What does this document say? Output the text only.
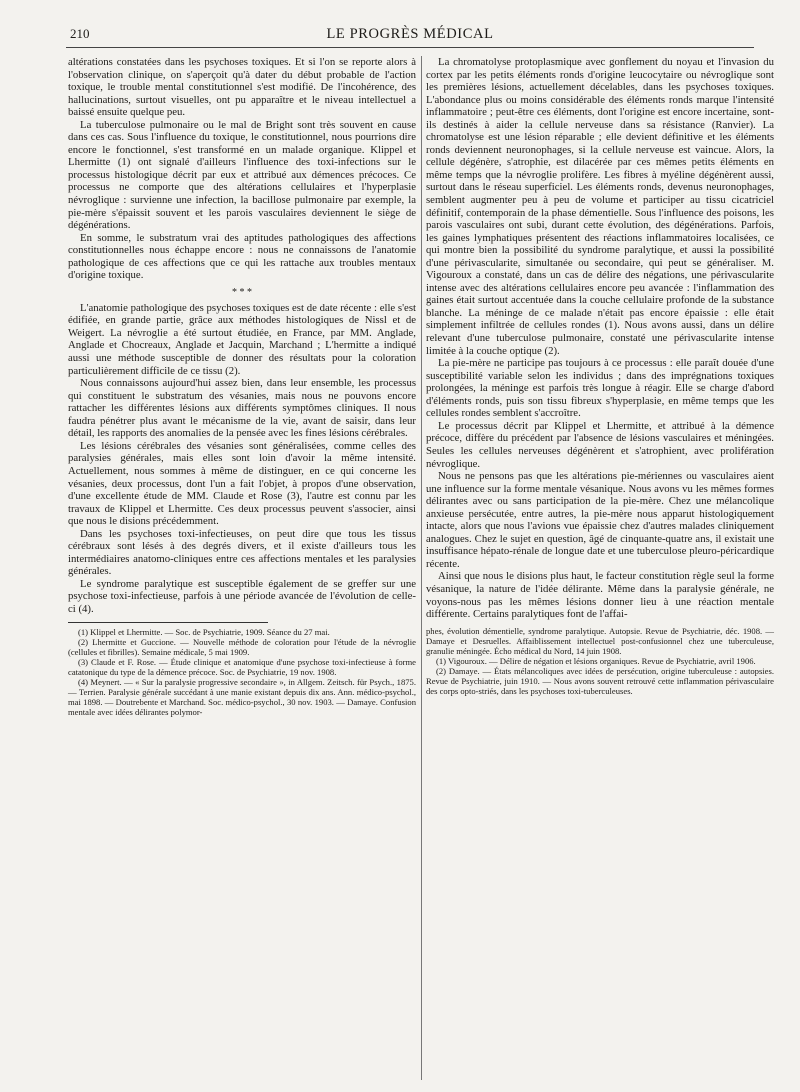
210	LE PROGRÈS MÉDICAL

altérations constatées dans les psychoses toxiques. Et si l'on se reporte alors à l'observation clinique, on s'aperçoit qu'à dater du début probable de l'action toxique, le trouble mental constitutionnel s'est modifié. De l'incohérence, des hallucinations, surtout visuelles, ont pu apparaître et le niveau intellectuel a baissé ensuite quelque peu.

La tuberculose pulmonaire ou le mal de Bright sont très souvent en cause dans ces cas. Sous l'influence du toxique, le constitutionnel, nous pourrions dire encore le fonctionnel, s'est transformé en un malade organique. Klippel et Lhermitte (1) ont signalé d'ailleurs l'influence des toxi-infections sur le processus histologique décrit par eux et attribué aux démences précoces. Ce processus ne comporte que des altérations cellulaires et l'hyperplasie névroglique : survienne une infection, la bacillose pulmonaire par exemple, la pie-mère s'épaissit souvent et les parois vasculaires deviennent le siège de dégénérations.

En somme, le substratum vrai des aptitudes pathologiques des affections constitutionnelles nous échappe encore : nous ne connaissons de l'anatomie pathologique de ces affections que ce qui les rattache aux troubles mentaux d'origine toxique.

* * *

L'anatomie pathologique des psychoses toxiques est de date récente : elle s'est édifiée, en grande partie, grâce aux méthodes histologiques de Nissl et de Weigert. La névroglie a été surtout étudiée, en France, par MM. Anglade, Anglade et Chocreaux, Anglade et Jacquin, Marchand ; L'hermitte a indiqué aussi une méthode susceptible de donner des résultats pour la coloration particulièrement difficile de ce tissu (2).

Nous connaissons aujourd'hui assez bien, dans leur ensemble, les processus qui constituent le substratum des vésanies, mais nous ne pouvons encore rattacher les différentes lésions aux différents symptômes cliniques. Il nous faudra pénétrer plus avant le mécanisme de la vie, avant de saisir, dans leur détail, les rapports des anomalies de la pensée avec les fines lésions cérébrales.

Les lésions cérébrales des vésanies sont généralisées, comme celles des paralysies générales, mais elles sont loin d'avoir la même intensité. Actuellement, nous sommes à même de distinguer, en ce qui concerne les vésanies, deux processus, dont l'un a fait l'objet, à propos d'une observation, d'une excellente étude de MM. Claude et Rose (3), l'autre est connu par les travaux de Klippel et Lhermitte. Ces deux processus peuvent s'associer, ainsi que nous le disions précédemment.

Dans les psychoses toxi-infectieuses, on peut dire que tous les tissus cérébraux sont lésés à des degrés divers, et il existe d'ailleurs tous les intermédiaires anatomo-cliniques entre ces affections mentales et les paralysies générales.

Le syndrome paralytique est susceptible également de se greffer sur une psychose toxi-infectieuse, parfois à une période avancée de l'évolution de celle-ci (4).

(1) Klippel et Lhermitte. — Soc. de Psychiatrie, 1909. Séance du 27 mai.

(2) Lhermitte et Guccione. — Nouvelle méthode de coloration pour l'étude de la névroglie (cellules et fibrilles). Semaine médicale, 5 mai 1909.

(3) Claude et F. Rose. — Étude clinique et anatomique d'une psychose toxi-infectieuse à forme catatonique du type de la démence précoce. Soc. de Psychiatrie, 19 nov. 1908.

(4) Meynert. — « Sur la paralysie progressive secondaire », in Allgem. Zeitsch. für Psych., 1875. — Terrien. Paralysie générale succédant à une manie existant depuis dix ans. Ann. médico-psychol., mai 1898. — Doutrebente et Marchand. Soc. médico-psychol., 30 nov. 1903. — Damaye. Confusion mentale avec idées délirantes polymor-

La chromatolyse protoplasmique avec gonflement du noyau et l'invasion du cortex par les petits éléments ronds d'origine leucocytaire ou névroglique sont les premières lésions, actuellement décelables, dans les psychoses toxiques. L'abondance plus ou moins considérable des éléments ronds marque l'intensité inflammatoire ; peut-être ces éléments, dont l'origine est encore incertaine, sont-ils destinés à aider la cellule nerveuse dans sa résistance (Ranvier). La chromatolyse est une lésion réparable ; elle devient définitive et les éléments ronds deviennent neuronophages, si la cellule nerveuse est vaincue. Alors, la cellule dégénère, s'atrophie, est dilacérée par ces mêmes petits éléments en même temps que la névroglie prolifère. Les fibres à myéline dégénèrent aussi, surtout dans le réseau superficiel. Les éléments ronds, devenus neuronophages, semblent augmenter peu à peu de volume et participer au tissu cicatriciel définitif, contemporain de la phase démentielle. Sous l'influence des poisons, les parois vasculaires ont subi, durant cette évolution, des dégénérations. Parfois, les gaines lymphatiques présentent des réactions inflammatoires localisées, ce qui montre bien la possibilité du syndrome paralytique, et aussi la possibilité d'une périvascularite, simultanée ou secondaire, qui peut se généraliser. M. Vigouroux a constaté, dans un cas de délire des négations, une périvascularite intense avec des altérations cellulaires encore peu avancée : l'inflammation des gaines était surtout accentuée dans la couche cellulaire profonde de la substance blanche. La méninge de ce malade n'était pas encore épaissie : elle était simplement infiltrée de cellules rondes (1). Nous avons aussi, dans un délire relevant d'une tuberculose pulmonaire, constaté une périvascularite intense limitée à la couche optique (2).

La pie-mère ne participe pas toujours à ce processus : elle paraît douée d'une susceptibilité variable selon les individus ; dans des imprégnations toxiques prolongées, la méninge est parfois très longue à réagir. Elle se charge d'abord d'éléments ronds, puis son tissu fibreux s'hyperplasie, en même temps que les cellules rondes semblent s'accroître.

Le processus décrit par Klippel et Lhermitte, et attribué à la démence précoce, diffère du précédent par l'absence de lésions vasculaires et méningées. Seules les cellules nerveuses dégénèrent et s'atrophient, avec prolifération névroglique.

Nous ne pensons pas que les altérations pie-mériennes ou vasculaires aient une influence sur la forme mentale vésanique. Nous avons vu les mêmes formes délirantes avec ou sans participation de la pie-mère. Chez une mélancolique anxieuse persécutée, entre autres, la pie-mère nous apparut histologiquement intacte, alors que nous l'avions vue épaissie chez d'autres malades cliniquement analogues. Chez le sujet en question, âgé de cinquante-quatre ans, il existait une insuffisance hépato-rénale de longue date et une tuberculose pleuro-péricardique récente.

Ainsi que nous le disions plus haut, le facteur constitution règle seul la forme vésanique, la nature de l'idée délirante. Même dans la paralysie générale, ne voyons-nous pas les mêmes lésions donner lieu à une réaction mentale différente. Certains paralytiques font de l'affai-

phes, évolution démentielle, syndrome paralytique. Autopsie. Revue de Psychiatrie, déc. 1908. — Damaye et Desruelles. Affaiblissement intellectuel post-confusionnel chez une tuberculeuse, granulie méningée. Écho médical du Nord, 14 juin 1908.

(1) Vigouroux. — Délire de négation et lésions organiques. Revue de Psychiatrie, avril 1906.

(2) Damaye. — États mélancoliques avec idées de persécution, origine tuberculeuse : autopsies. Revue de Psychiatrie, juin 1910. — Nous avons souvent retrouvé cette inflammation périvasculaire des corps opto-striés, dans les psychoses toxi-tuberculeuses.
